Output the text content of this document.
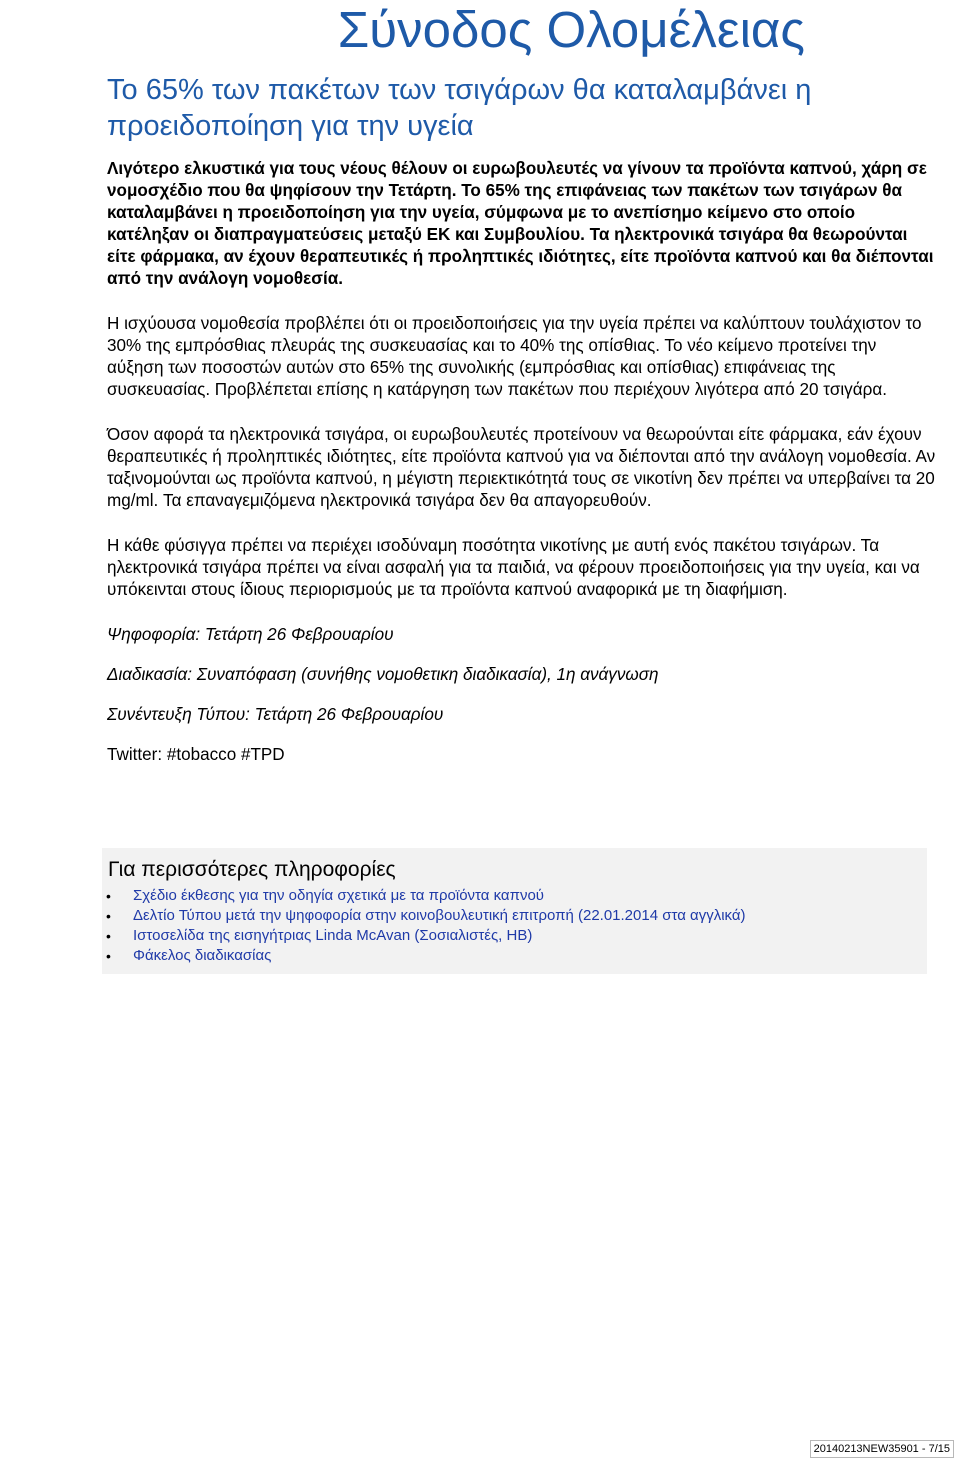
Σύνοδος Ολομέλειας
Το 65% των πακέτων των τσιγάρων θα καταλαμβάνει η προειδοποίηση για την υγεία

Λιγότερο ελκυστικά για τους νέους θέλουν οι ευρωβουλευτές να γίνουν τα προϊόντα καπνού, χάρη σε νομοσχέδιο που θα ψηφίσουν την Τετάρτη. Το 65% της επιφάνειας των πακέτων των τσιγάρων θα καταλαμβάνει η προειδοποίηση για την υγεία, σύμφωνα με το ανεπίσημο κείμενο στο οποίο κατέληξαν οι διαπραγματεύσεις μεταξύ ΕΚ και Συμβουλίου. Τα ηλεκτρονικά τσιγάρα θα θεωρούνται είτε φάρμακα, αν έχουν θεραπευτικές ή προληπτικές ιδιότητες, είτε προϊόντα καπνού και θα διέπονται από την ανάλογη νομοθεσία.

Η ισχύουσα νομοθεσία προβλέπει ότι οι προειδοποιήσεις για την υγεία πρέπει να καλύπτουν τουλάχιστον το 30% της εμπρόσθιας πλευράς της συσκευασίας και το 40% της οπίσθιας. Το νέο κείμενο προτείνει την αύξηση των ποσοστών αυτών στο 65% της συνολικής (εμπρόσθιας και οπίσθιας) επιφάνειας της συσκευασίας. Προβλέπεται επίσης η κατάργηση των πακέτων που περιέχουν λιγότερα από 20 τσιγάρα.

Όσον αφορά τα ηλεκτρονικά τσιγάρα, οι ευρωβουλευτές προτείνουν να θεωρούνται είτε φάρμακα, εάν έχουν θεραπευτικές ή προληπτικές ιδιότητες, είτε προϊόντα καπνού για να διέπονται από την ανάλογη νομοθεσία. Αν ταξινομούνται ως προϊόντα καπνού, η μέγιστη περιεκτικότητά τους σε νικοτίνη δεν πρέπει να υπερβαίνει τα 20 mg/ml. Τα επαναγεμιζόμενα ηλεκτρονικά τσιγάρα δεν θα απαγορευθούν.

Η κάθε φύσιγγα πρέπει να περιέχει ισοδύναμη ποσότητα νικοτίνης με αυτή ενός πακέτου τσιγάρων. Τα ηλεκτρονικά τσιγάρα πρέπει να είναι ασφαλή για τα παιδιά, να φέρουν προειδοποιήσεις για την υγεία, και να υπόκεινται στους ίδιους περιορισμούς με τα προϊόντα καπνού αναφορικά με τη διαφήμιση.

Ψηφοφορία: Τετάρτη 26 Φεβρουαρίου

Διαδικασία: Συναπόφαση (συνήθης νομοθετικη διαδικασία), 1η ανάγνωση

Συνέντευξη Τύπου: Τετάρτη 26 Φεβρουαρίου

Twitter: #tobacco #TPD

Για περισσότερες πληροφορίες
• Σχέδιο έκθεσης για την οδηγία σχετικά με τα προϊόντα καπνού
• Δελτίο Τύπου μετά την ψηφοφορία στην κοινοβουλευτική επιτροπή (22.01.2014 στα αγγλικά)
• Ιστοσελίδα της εισηγήτριας Linda McAvan (Σοσιαλιστές, ΗΒ)
• Φάκελος διαδικασίας
20140213NEW35901 - 7/15
